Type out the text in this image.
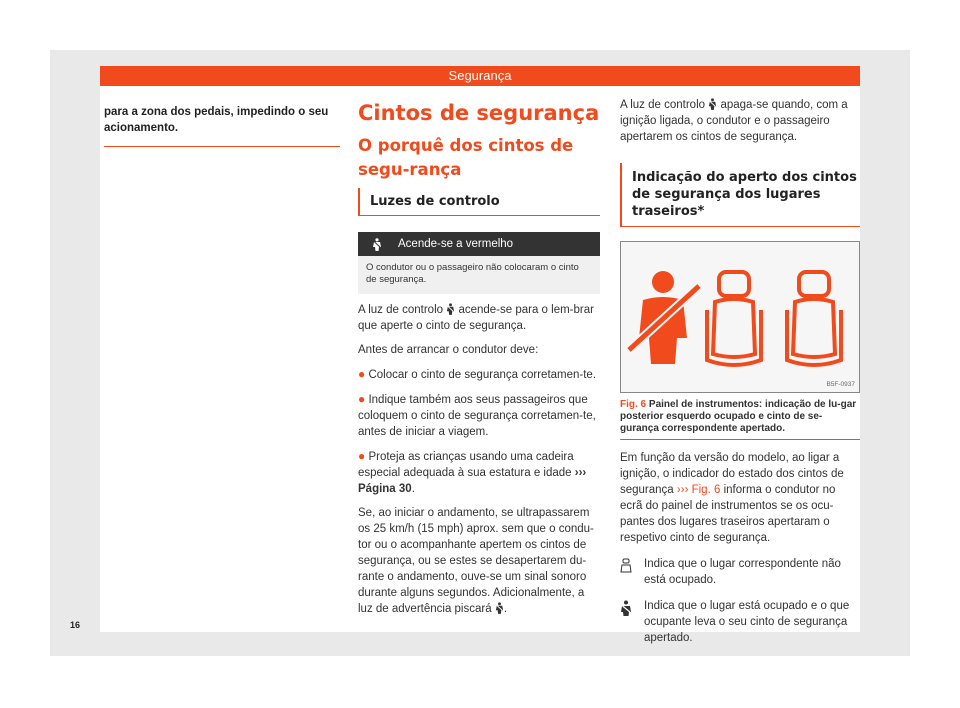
Segurança
para a zona dos pedais, impedindo o seu acionamento.
Cintos de segurança
O porquê dos cintos de segu-rança
Luzes de controlo
Acende-se a vermelho
O condutor ou o passageiro não colocaram o cinto de segurança.

A luz de controlo acende-se para o lem-brar que aperte o cinto de segurança.

Antes de arrancar o condutor deve:

● Colocar o cinto de segurança corretamen-te.

● Indique também aos seus passageiros que coloquem o cinto de segurança corretamen-te, antes de iniciar a viagem.

● Proteja as crianças usando uma cadeira especial adequada à sua estatura e idade ››› Página 30.

Se, ao iniciar o andamento, se ultrapassarem os 25 km/h (15 mph) aprox. sem que o condu-tor ou o acompanhante apertem os cintos de segurança, ou se estes se desapertarem du-rante o andamento, ouve-se um sinal sonoro durante alguns segundos. Adicionalmente, a luz de advertência piscará .

A luz de controlo apaga-se quando, com a ignição ligada, o condutor e o passageiro apertarem os cintos de segurança.

Indicação do aperto dos cintos de segurança dos lugares traseiros*
B5F-0937
Fig. 6 Painel de instrumentos: indicação de lu-gar posterior esquerdo ocupado e cinto de se-gurança correspondente apertado.

Em função da versão do modelo, ao ligar a ignição, o indicador do estado dos cintos de segurança ››› Fig. 6 informa o condutor no ecrã do painel de instrumentos se os ocu-pantes dos lugares traseiros apertaram o respetivo cinto de segurança.

Indica que o lugar correspondente não está ocupado.
Indica que o lugar está ocupado e o que ocupante leva o seu cinto de segurança apertado.
16
